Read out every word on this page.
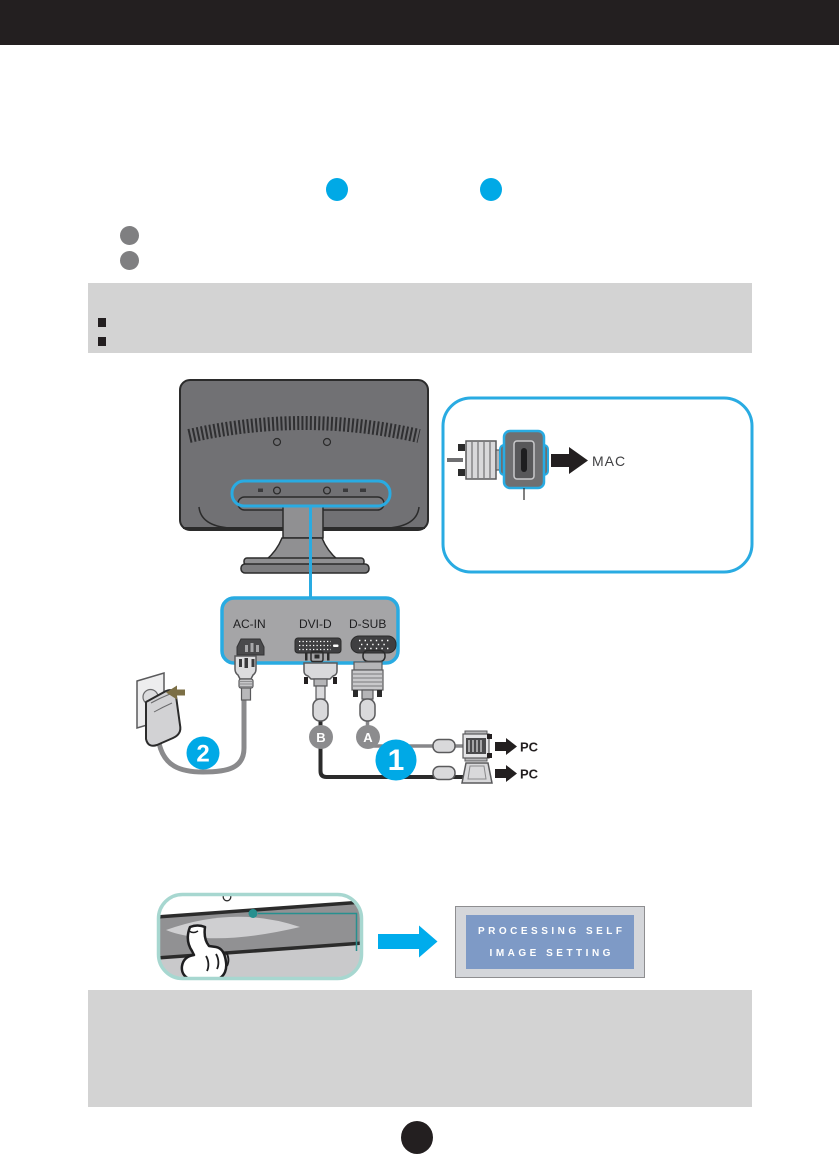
MAC
AC-IN	DVI-D D-SUB
2
B	A
PC
PC
1
PROCESSING SELF
IMAGE SETTING
